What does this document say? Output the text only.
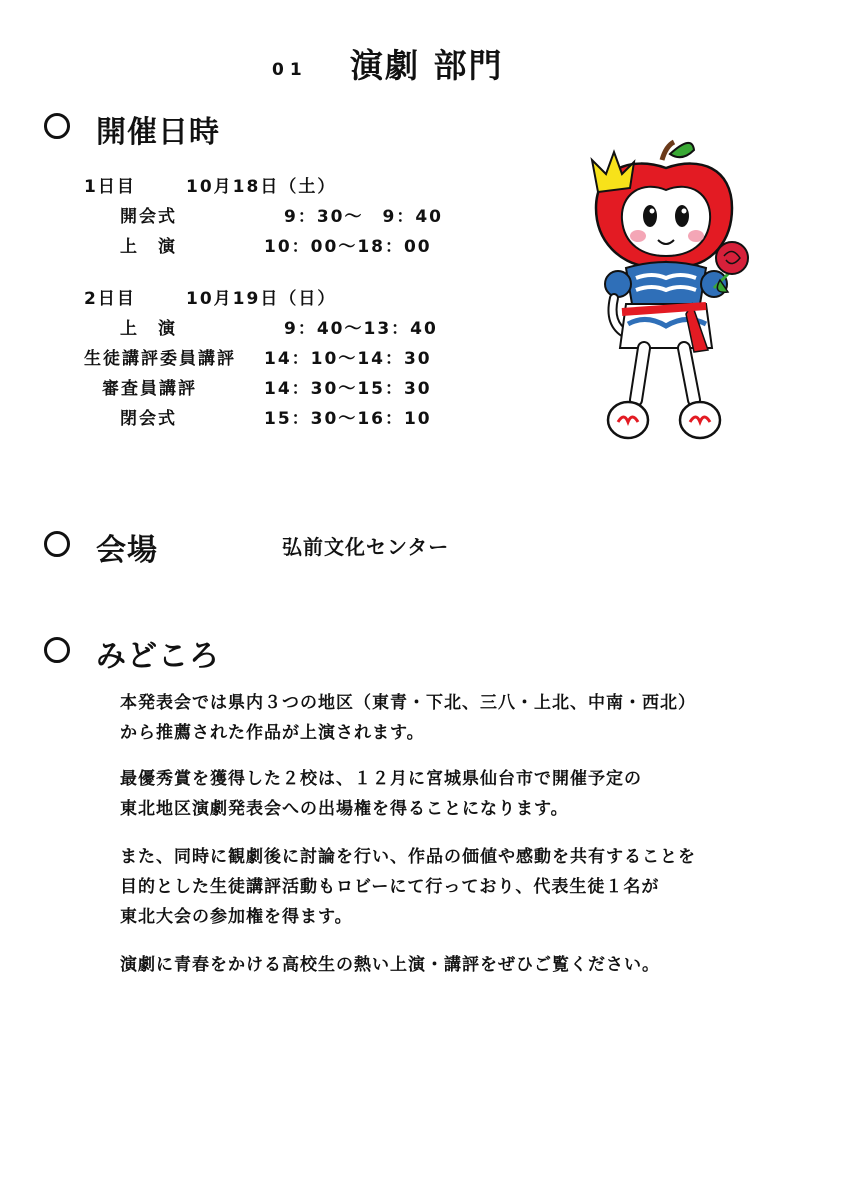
01 演劇 部門
開催日時
1日目	10月18日（土）
開会式	9：30～　9：40
上　演	10：00～18：00
2日目	10月19日（日）
上　演	9：40～13：40
生徒講評委員講評 14：10～14：30
審査員講評	14：30～15：30
閉会式	15：30～16：10
会場	弘前文化センター
みどころ

本発表会では県内３つの地区（東青・下北、三八・上北、中南・西北）

から推薦された作品が上演されます。

最優秀賞を獲得した２校は、１２月に宮城県仙台市で開催予定の

東北地区演劇発表会への出場権を得ることになります。

また、同時に観劇後に討論を行い、作品の価値や感動を共有することを

目的とした生徒講評活動もロビーにて行っており、代表生徒１名が

東北大会の参加権を得ます。

演劇に青春をかける高校生の熱い上演・講評をぜひご覧ください。
